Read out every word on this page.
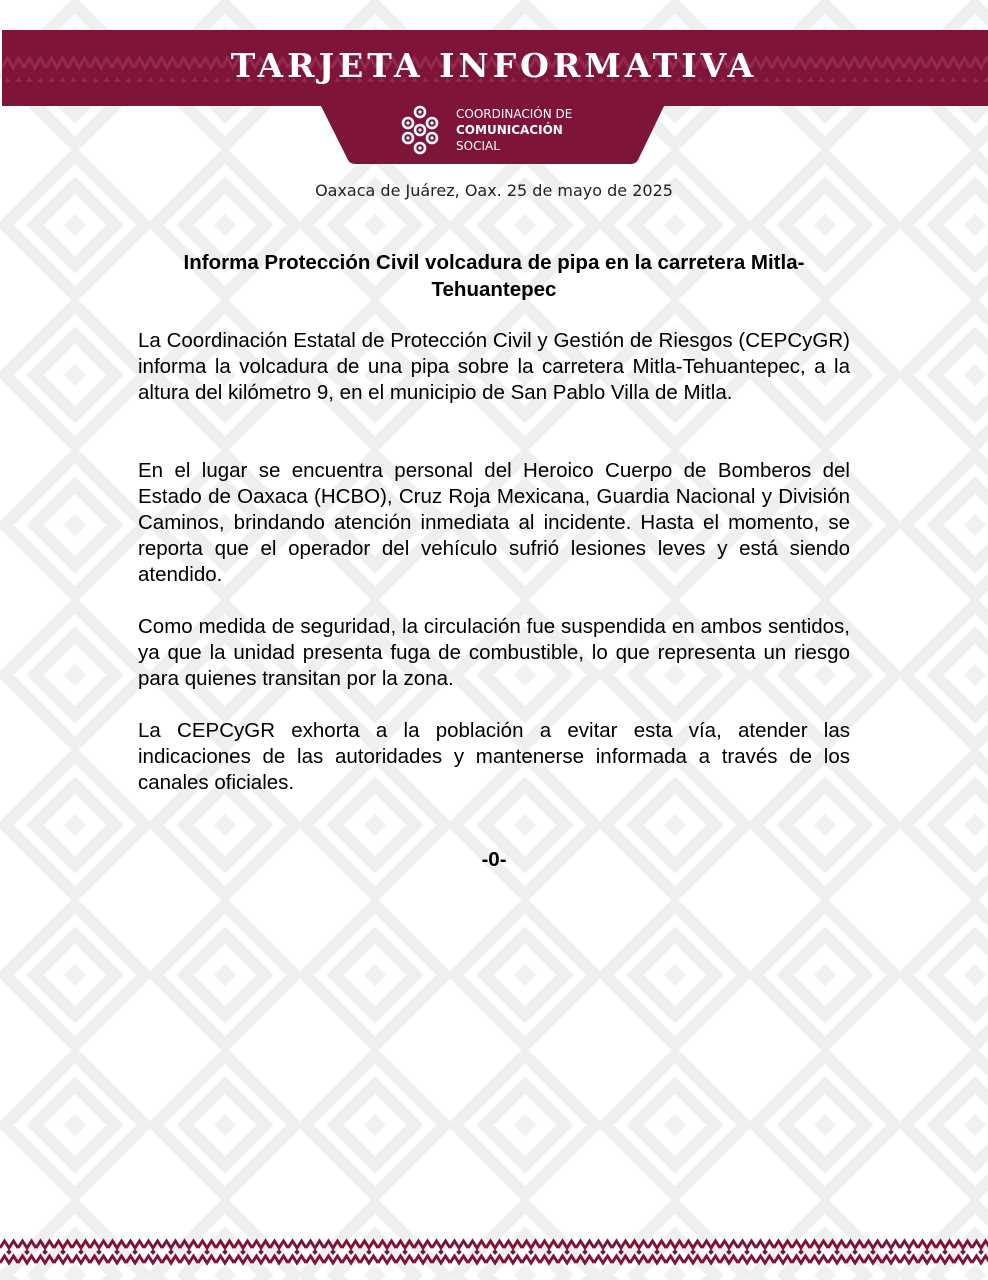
TARJETA INFORMATIVA
COORDINACIÓN DE
COMUNICACIÓN
SOCIAL
Oaxaca de Juárez, Oax. 25 de mayo de 2025
Informa Protección Civil volcadura de pipa en la carretera Mitla-Tehuantepec

La Coordinación Estatal de Protección Civil y Gestión de Riesgos (CEPCyGR) informa la volcadura de una pipa sobre la carretera Mitla-Tehuantepec, a la altura del kilómetro 9, en el municipio de San Pablo Villa de Mitla.

En el lugar se encuentra personal del Heroico Cuerpo de Bomberos del Estado de Oaxaca (HCBO), Cruz Roja Mexicana, Guardia Nacional y División Caminos, brindando atención inmediata al incidente. Hasta el momento, se reporta que el operador del vehículo sufrió lesiones leves y está siendo atendido.

Como medida de seguridad, la circulación fue suspendida en ambos sentidos, ya que la unidad presenta fuga de combustible, lo que representa un riesgo para quienes transitan por la zona.

La CEPCyGR exhorta a la población a evitar esta vía, atender las indicaciones de las autoridades y mantenerse informada a través de los canales oficiales.

-0-
